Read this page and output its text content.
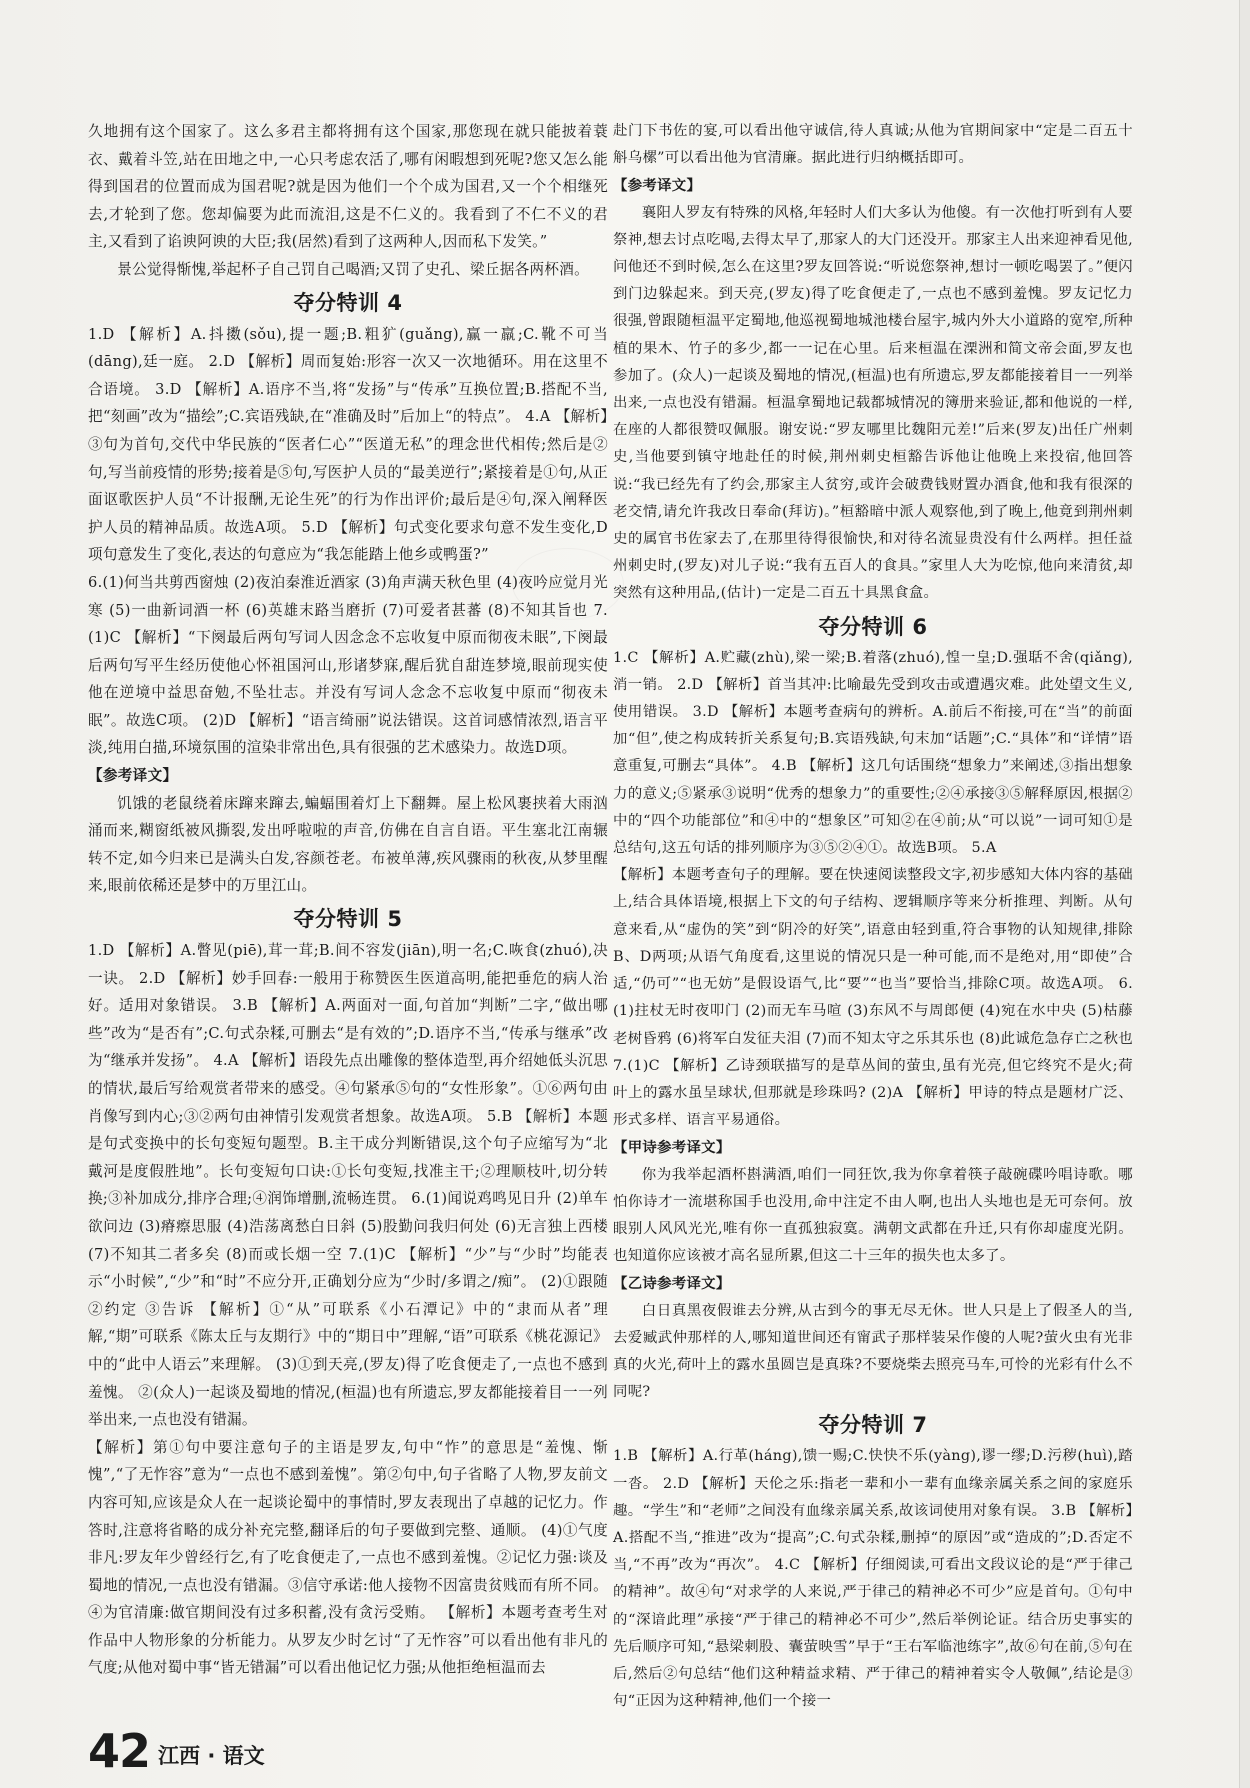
久地拥有这个国家了。这么多君主都将拥有这个国家,那您现在就只能披着蓑衣、戴着斗笠,站在田地之中,一心只考虑农活了,哪有闲暇想到死呢?您又怎么能得到国君的位置而成为国君呢?就是因为他们一个个成为国君,又一个个相继死去,才轮到了您。您却偏要为此而流泪,这是不仁义的。我看到了不仁不义的君主,又看到了谄谀阿谀的大臣;我(居然)看到了这两种人,因而私下发笑。”

景公觉得惭愧,举起杯子自己罚自己喝酒;又罚了史孔、梁丘据各两杯酒。

夺分特训 4

1.D 【解析】A.抖擞(sǒu),提一题;B.粗犷(guǎng),赢一羸;C.靴不可当(dāng),廷一庭。 2.D 【解析】周而复始:形容一次又一次地循环。用在这里不合语境。 3.D 【解析】A.语序不当,将“发扬”与“传承”互换位置;B.搭配不当,把“刻画”改为“描绘”;C.宾语残缺,在“准确及时”后加上“的特点”。 4.A 【解析】③句为首句,交代中华民族的“医者仁心”“医道无私”的理念世代相传;然后是②句,写当前疫情的形势;接着是⑤句,写医护人员的“最美逆行”;紧接着是①句,从正面讴歌医护人员“不计报酬,无论生死”的行为作出评价;最后是④句,深入阐释医护人员的精神品质。故选A项。 5.D 【解析】句式变化要求句意不发生变化,D项句意发生了变化,表达的句意应为“我怎能踏上他乡或鸭蛋?”

6.(1)何当共剪西窗烛 (2)夜泊秦淮近酒家 (3)角声满天秋色里 (4)夜吟应觉月光寒 (5)一曲新词酒一杯 (6)英雄末路当磨折 (7)可爱者甚蕃 (8)不知其旨也 7.(1)C 【解析】“下阕最后两句写词人因念念不忘收复中原而彻夜未眠”,下阕最后两句写平生经历使他心怀祖国河山,形诸梦寐,醒后犹自甜连梦境,眼前现实使他在逆境中益思奋勉,不坠壮志。并没有写词人念念不忘收复中原而“彻夜未眠”。故选C项。 (2)D 【解析】“语言绮丽”说法错误。这首词感情浓烈,语言平淡,纯用白描,环境氛围的渲染非常出色,具有很强的艺术感染力。故选D项。

【参考译文】

饥饿的老鼠绕着床蹿来蹿去,蝙蝠围着灯上下翻舞。屋上松风裹挟着大雨汹涌而来,糊窗纸被风撕裂,发出呼啦啦的声音,仿佛在自言自语。平生塞北江南辗转不定,如今归来已是满头白发,容颜苍老。布被单薄,疾风骤雨的秋夜,从梦里醒来,眼前依稀还是梦中的万里江山。

夺分特训 5

1.D 【解析】A.瞥见(piē),茸一茸;B.间不容发(jiān),明一名;C.咴食(zhuó),决一诀。 2.D 【解析】妙手回春:一般用于称赞医生医道高明,能把垂危的病人治好。适用对象错误。 3.B 【解析】A.两面对一面,句首加“判断”二字,“做出哪些”改为“是否有”;C.句式杂糅,可删去“是有效的”;D.语序不当,“传承与继承”改为“继承并发扬”。 4.A 【解析】语段先点出雕像的整体造型,再介绍她低头沉思的情状,最后写给观赏者带来的感受。④句紧承⑤句的“女性形象”。①⑥两句由肖像写到内心;③②两句由神情引发观赏者想象。故选A项。 5.B 【解析】本题是句式变换中的长句变短句题型。B.主干成分判断错误,这个句子应缩写为“北戴河是度假胜地”。长句变短句口诀:①长句变短,找准主干;②理顺枝叶,切分转换;③补加成分,排序合理;④润饰增删,流畅连贯。 6.(1)闻说鸡鸣见日升 (2)单车欲问边 (3)瘠瘵思服 (4)浩荡离愁白日斜 (5)股勤问我归何处 (6)无言独上西楼 (7)不知其二者多矣 (8)而或长烟一空 7.(1)C 【解析】“少”与“少时”均能表示“小时候”,“少”和“时”不应分开,正确划分应为“少时/多谓之/痴”。 (2)①跟随 ②约定 ③告诉 【解析】①“从”可联系《小石潭记》中的“隶而从者”理解,“期”可联系《陈太丘与友期行》中的“期日中”理解,“语”可联系《桃花源记》中的“此中人语云”来理解。 (3)①到天亮,(罗友)得了吃食便走了,一点也不感到羞愧。 ②(众人)一起谈及蜀地的情况,(桓温)也有所遗忘,罗友都能接着目一一列举出来,一点也没有错漏。

【解析】第①句中要注意句子的主语是罗友,句中“怍”的意思是“羞愧、惭愧”,“了无怍容”意为“一点也不感到羞愧”。第②句中,句子省略了人物,罗友前文内容可知,应该是众人在一起谈论蜀中的事情时,罗友表现出了卓越的记忆力。作答时,注意将省略的成分补充完整,翻译后的句子要做到完整、通顺。 (4)①气度非凡:罗友年少曾经行乞,有了吃食便走了,一点也不感到羞愧。②记忆力强:谈及蜀地的情况,一点也没有错漏。③信守承诺:他人接物不因富贵贫贱而有所不同。④为官清廉:做官期间没有过多积蓄,没有贪污受贿。 【解析】本题考查考生对作品中人物形象的分析能力。从罗友少时乞讨“了无怍容”可以看出他有非凡的气度;从他对蜀中事“皆无错漏”可以看出他记忆力强;从他拒绝桓温而去

赴门下书佐的宴,可以看出他守诚信,待人真诚;从他为官期间家中“定是二百五十斛乌樏”可以看出他为官清廉。据此进行归纳概括即可。

【参考译文】

襄阳人罗友有特殊的风格,年轻时人们大多认为他傻。有一次他打听到有人要祭神,想去讨点吃喝,去得太早了,那家人的大门还没开。那家主人出来迎神看见他,问他还不到时候,怎么在这里?罗友回答说:“听说您祭神,想讨一顿吃喝罢了。”便闪到门边躲起来。到天亮,(罗友)得了吃食便走了,一点也不感到羞愧。罗友记忆力很强,曾跟随桓温平定蜀地,他巡视蜀地城池楼台屋宇,城内外大小道路的宽窄,所种植的果木、竹子的多少,都一一记在心里。后来桓温在溧洲和简文帝会面,罗友也参加了。(众人)一起谈及蜀地的情况,(桓温)也有所遗忘,罗友都能接着目一一列举出来,一点也没有错漏。桓温拿蜀地记载都城情况的簿册来验证,都和他说的一样,在座的人都很赞叹佩服。谢安说:“罗友哪里比魏阳元差!”后来(罗友)出任广州刺史,当他要到镇守地赴任的时候,荆州刺史桓豁告诉他让他晚上来投宿,他回答说:“我已经先有了约会,那家主人贫穷,或许会破费钱财置办酒食,他和我有很深的老交情,请允许我改日奉命(拜访)。”桓豁暗中派人观察他,到了晚上,他竟到荆州刺史的属官书佐家去了,在那里待得很愉快,和对待名流显贵没有什么两样。担任益州刺史时,(罗友)对儿子说:“我有五百人的食具。”家里人大为吃惊,他向来清贫,却突然有这种用品,(估计)一定是二百五十具黑食盒。

夺分特训 6

1.C 【解析】A.贮藏(zhù),梁一梁;B.着落(zhuó),惶一皇;D.强聒不舍(qiǎng),消一销。 2.D 【解析】首当其冲:比喻最先受到攻击或遭遇灾难。此处望文生义,使用错误。 3.D 【解析】本题考查病句的辨析。A.前后不衔接,可在“当”的前面加“但”,使之构成转折关系复句;B.宾语残缺,句末加“话题”;C.“具体”和“详情”语意重复,可删去“具体”。 4.B 【解析】这几句话围绕“想象力”来阐述,③指出想象力的意义;⑤紧承③说明“优秀的想象力”的重要性;②④承接③⑤解释原因,根据②中的“四个功能部位”和④中的“想象区”可知②在④前;从“可以说”一词可知①是总结句,这五句话的排列顺序为③⑤②④①。故选B项。 5.A

【解析】本题考查句子的理解。要在快速阅读整段文字,初步感知大体内容的基础上,结合具体语境,根据上下文的句子结构、逻辑顺序等来分析推理、判断。从句意来看,从“虚伪的笑”到“阴冷的好笑”,语意由轻到重,符合事物的认知规律,排除B、D两项;从语气角度看,这里说的情况只是一种可能,而不是绝对,用“即使”合适,“仍可”“也无妨”是假设语气,比“要”“也当”要恰当,排除C项。故选A项。 6.(1)拄杖无时夜叩门 (2)而无车马喧 (3)东风不与周郎便 (4)宛在水中央 (5)枯藤老树昏鸦 (6)将军白发征夫泪 (7)而不知太守之乐其乐也 (8)此诚危急存亡之秋也 7.(1)C 【解析】乙诗颈联描写的是草丛间的萤虫,虽有光亮,但它终究不是火;荷叶上的露水虽呈球状,但那就是珍珠吗? (2)A 【解析】甲诗的特点是题材广泛、形式多样、语言平易通俗。

【甲诗参考译文】

你为我举起酒杯斟满酒,咱们一同狂饮,我为你拿着筷子敲碗碟吟唱诗歌。哪怕你诗才一流堪称国手也没用,命中注定不由人啊,也出人头地也是无可奈何。放眼别人风风光光,唯有你一直孤独寂寞。满朝文武都在升迁,只有你却虚度光阴。也知道你应该被才高名显所累,但这二十三年的损失也太多了。

【乙诗参考译文】

白日真黑夜假谁去分辨,从古到今的事无尽无休。世人只是上了假圣人的当,去爱臧武仲那样的人,哪知道世间还有甯武子那样装呆作傻的人呢?萤火虫有光非真的火光,荷叶上的露水虽圆岂是真珠?不要烧柴去照亮马车,可怜的光彩有什么不同呢?

夺分特训 7

1.B 【解析】A.行革(háng),馈一赐;C.快快不乐(yàng),谬一缪;D.污秽(huì),踏一沓。 2.D 【解析】天伦之乐:指老一辈和小一辈有血缘亲属关系之间的家庭乐趣。“学生”和“老师”之间没有血缘亲属关系,故该词使用对象有误。 3.B 【解析】A.搭配不当,“推进”改为“提高”;C.句式杂糅,删掉“的原因”或“造成的”;D.否定不当,“不再”改为“再次”。 4.C 【解析】仔细阅读,可看出文段议论的是“严于律己的精神”。故④句“对求学的人来说,严于律己的精神必不可少”应是首句。①句中的“深谙此理”承接“严于律己的精神必不可少”,然后举例论证。结合历史事实的先后顺序可知,“悬梁刺股、囊萤映雪”早于“王右军临池练字”,故⑥句在前,⑤句在后,然后②句总结“他们这种精益求精、严于律己的精神着实令人敬佩”,结论是③句“正因为这种精神,他们一个接一

42 江西 · 语文
